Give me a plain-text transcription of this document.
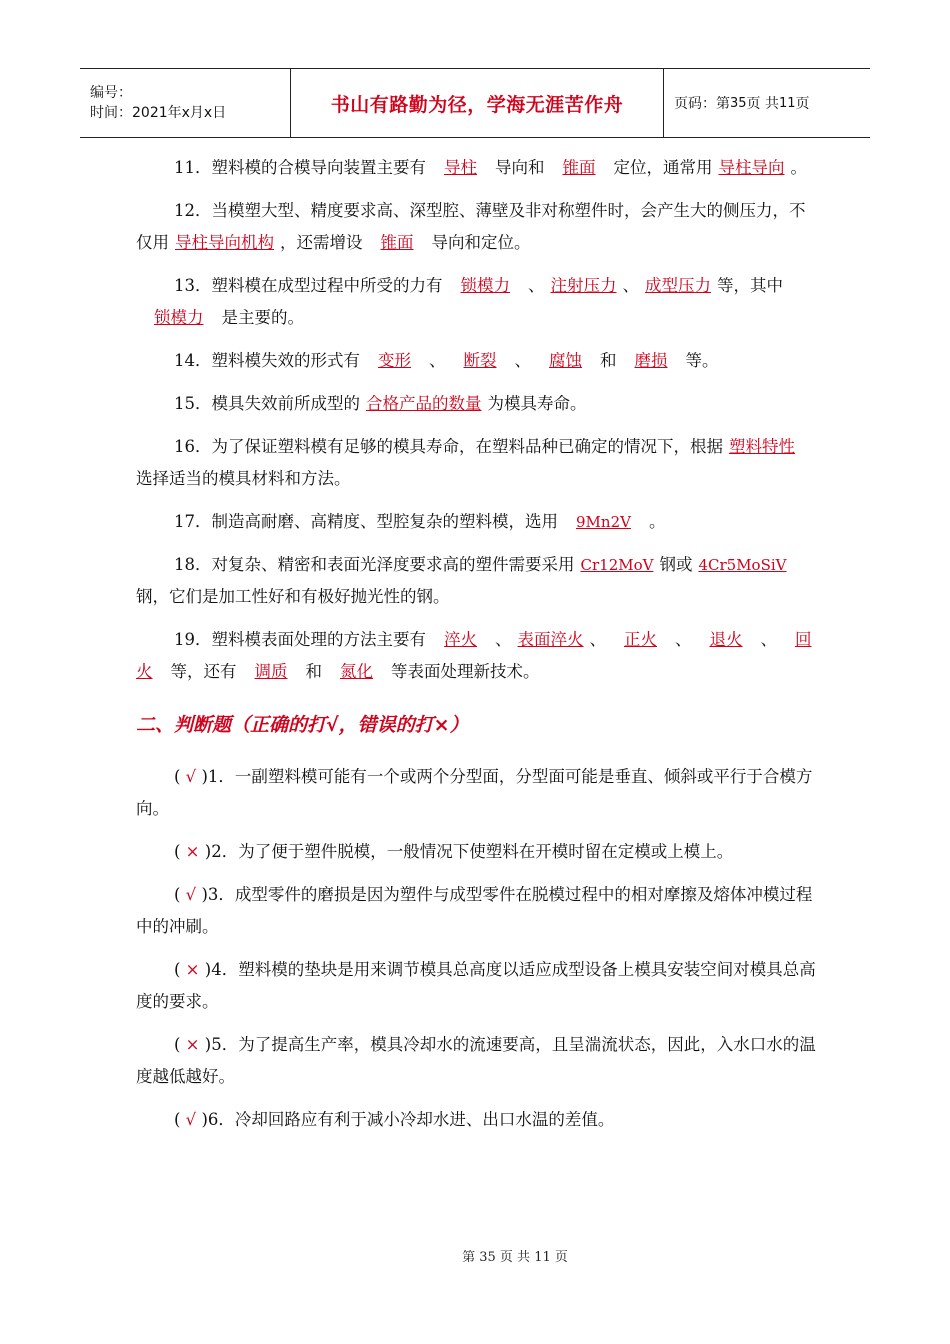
编号：
时间：2021年x月x日	书山有路勤为径，学海无涯苦作舟	页码：第 35 页 共 11 页
11．塑料模的合模导向装置主要有 导柱 导向和 锥面 定位，通常用 导柱导向 。
12．当模塑大型、精度要求高、深型腔、薄壁及非对称塑件时，会产生大的侧压力，不仅用 导柱导向机构 ，还需增设 锥面 导向和定位。
13．塑料模在成型过程中所受的力有 锁模力 、 注射压力 、 成型压力 等，其中锁模力 是主要的。
14．塑料模失效的形式有 变形 、 断裂 、 腐蚀 和 磨损 等。
15．模具失效前所成型的 合格产品的数量 为模具寿命。
16．为了保证塑料模有足够的模具寿命，在塑料品种已确定的情况下，根据 塑料特性选择适当的模具材料和方法。
17．制造高耐磨、高精度、型腔复杂的塑料模，选用 9Mn2V 。
18．对复杂、精密和表面光泽度要求高的塑件需要采用 Cr12MoV 钢或 4Cr5MoSiV钢，它们是加工性好和有极好抛光性的钢。
19．塑料模表面处理的方法主要有 淬火 、 表面淬火 、 正火 、 退火 、 回火 等，还有 调质 和 氮化 等表面处理新技术。
二、判断题（正确的打√，错误的打×）
( √ )1．一副塑料模可能有一个或两个分型面，分型面可能是垂直、倾斜或平行于合模方向。
( × )2．为了便于塑件脱模，一般情况下使塑料在开模时留在定模或上模上。
( √ )3．成型零件的磨损是因为塑件与成型零件在脱模过程中的相对摩擦及熔体冲模过程中的冲刷。
( × )4．塑料模的垫块是用来调节模具总高度以适应成型设备上模具安装空间对模具总高度的要求。
( × )5．为了提高生产率，模具冷却水的流速要高，且呈湍流状态，因此，入水口水的温度越低越好。
( √ )6．冷却回路应有利于减小冷却水进、出口水温的差值。
第 35 页 共 11 页
